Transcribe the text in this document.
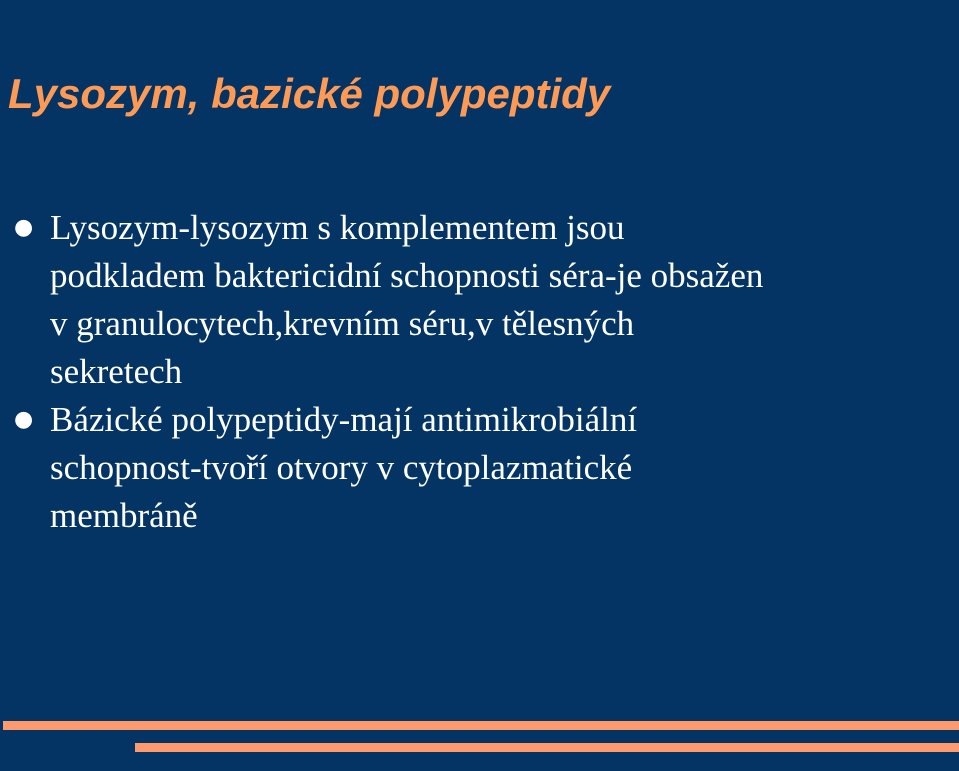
Lysozym, bazické polypeptidy
● Lysozym-lysozym s komplementem jsou
podkladem baktericidní schopnosti séra-je obsažen
v granulocytech,krevním séru,v tělesných
sekretech
● Bázické polypeptidy-mají antimikrobiální
schopnost-tvoří otvory v cytoplazmatické
membráně
